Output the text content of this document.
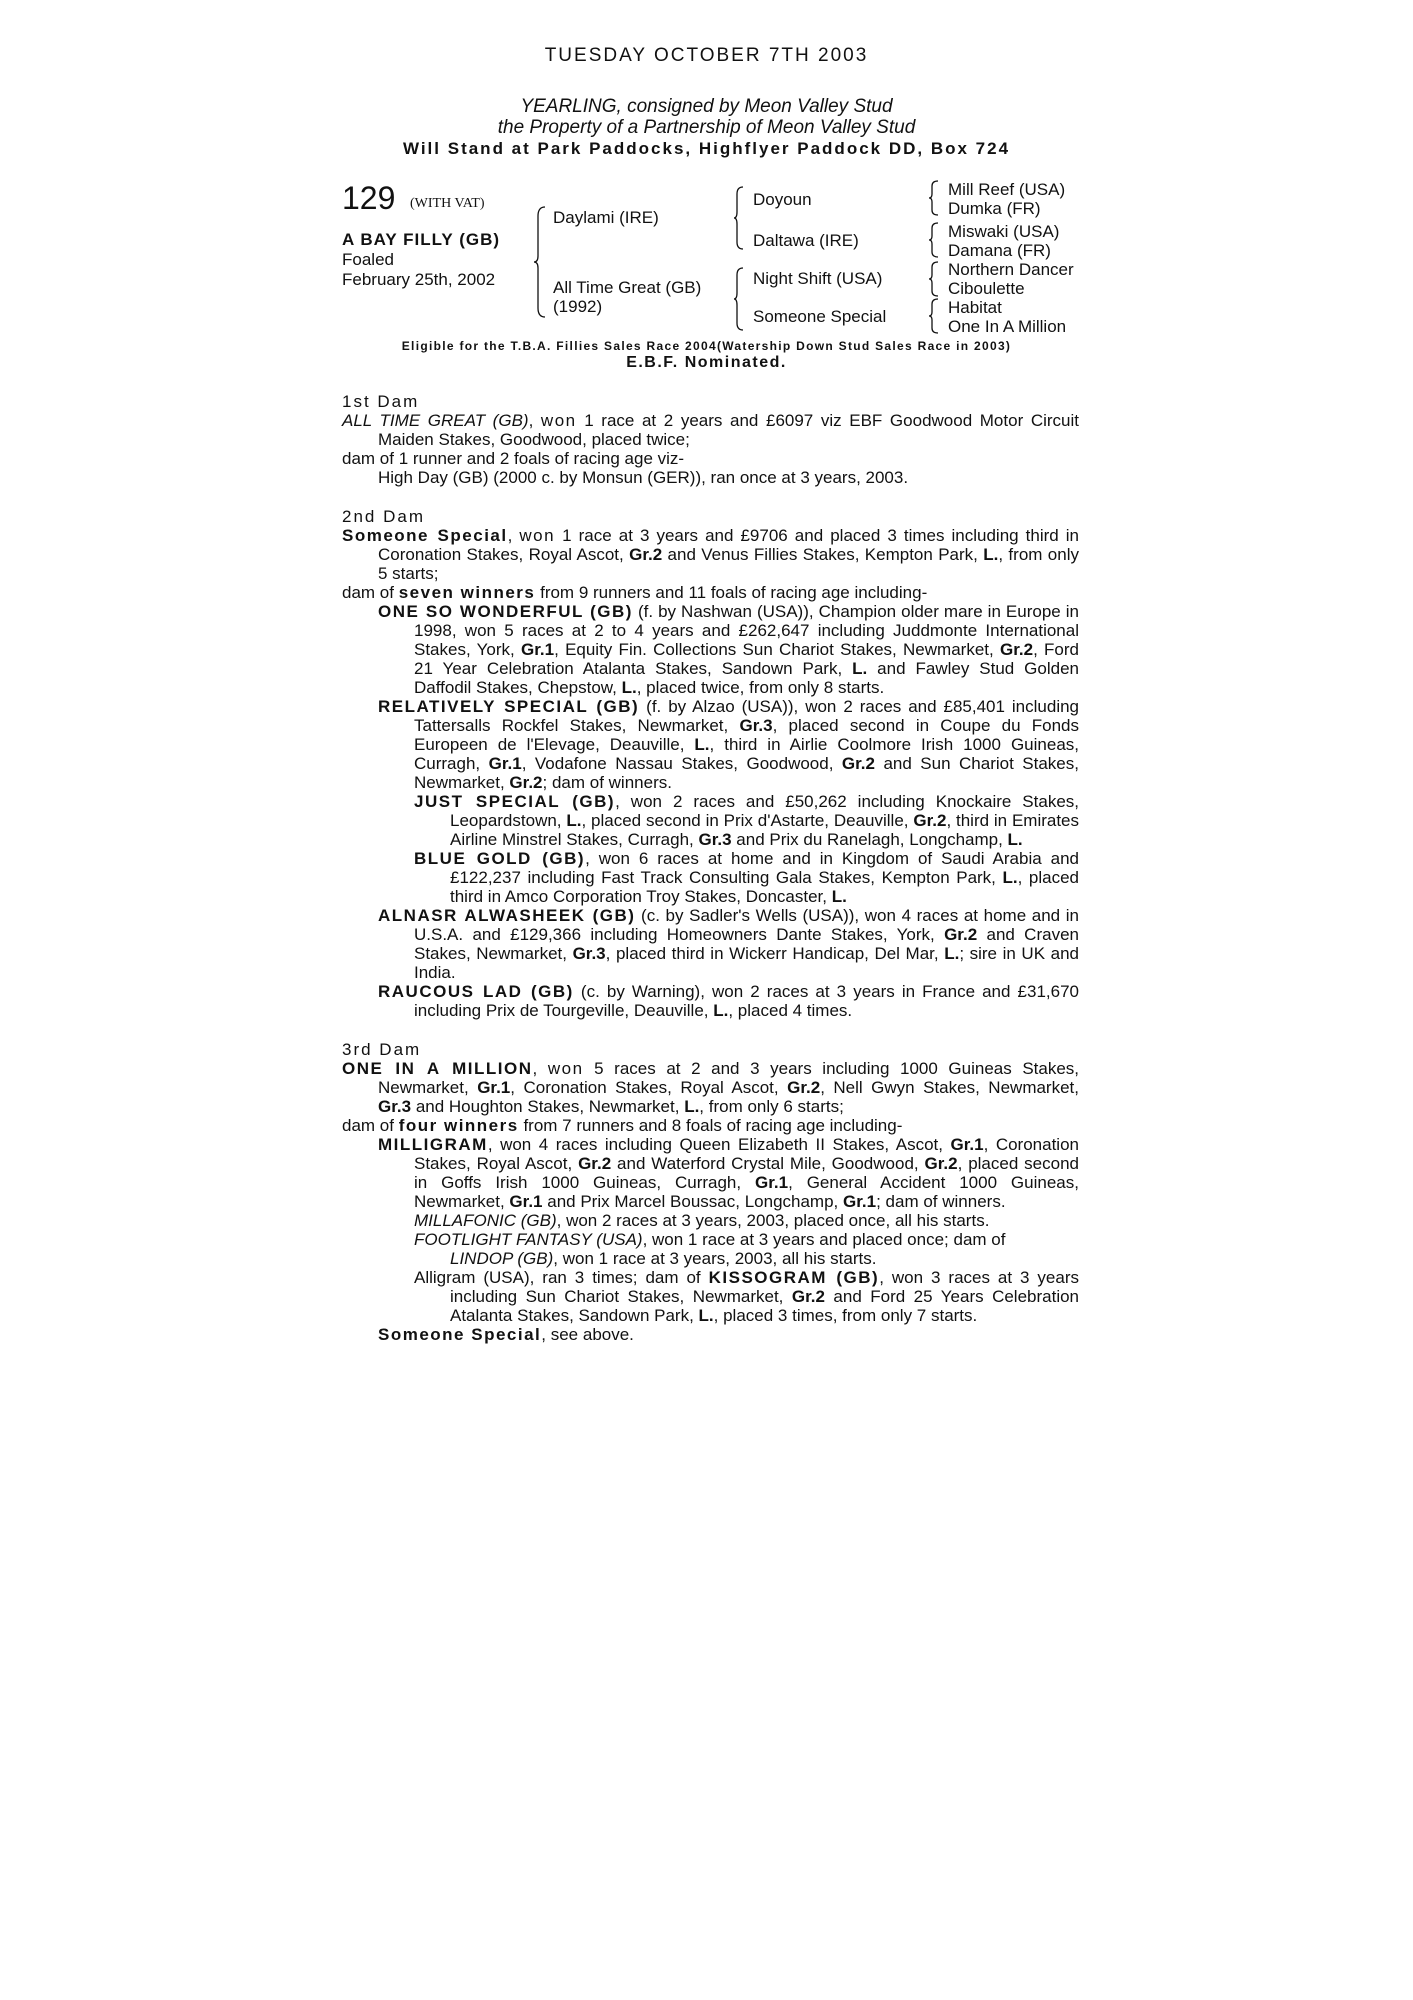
TUESDAY OCTOBER 7TH 2003
YEARLING, consigned by Meon Valley Stud
the Property of a Partnership of Meon Valley Stud
Will Stand at Park Paddocks, Highflyer Paddock DD, Box 724
129 (WITH VAT)
A BAY FILLY (GB)
Foaled
February 25th, 2002
Daylami (IRE)
All Time Great (GB)
(1992)
Doyoun
Daltawa (IRE)
Night Shift (USA)
Someone Special
Mill Reef (USA)
Dumka (FR)
Miswaki (USA)
Damana (FR)
Northern Dancer
Ciboulette
Habitat
One In A Million
Eligible for the T.B.A. Fillies Sales Race 2004(Watership Down Stud Sales Race in 2003)
E.B.F. Nominated.
1st Dam

ALL TIME GREAT (GB), won 1 race at 2 years and £6097 viz EBF Goodwood Motor Circuit Maiden Stakes, Goodwood, placed twice;

dam of 1 runner and 2 foals of racing age viz-

High Day (GB) (2000 c. by Monsun (GER)), ran once at 3 years, 2003.

2nd Dam

Someone Special, won 1 race at 3 years and £9706 and placed 3 times including third in Coronation Stakes, Royal Ascot, Gr.2 and Venus Fillies Stakes, Kempton Park, L., from only 5 starts;

dam of seven winners from 9 runners and 11 foals of racing age including-

ONE SO WONDERFUL (GB) (f. by Nashwan (USA)), Champion older mare in Europe in 1998, won 5 races at 2 to 4 years and £262,647 including Juddmonte International Stakes, York, Gr.1, Equity Fin. Collections Sun Chariot Stakes, Newmarket, Gr.2, Ford 21 Year Celebration Atalanta Stakes, Sandown Park, L. and Fawley Stud Golden Daffodil Stakes, Chepstow, L., placed twice, from only 8 starts.

RELATIVELY SPECIAL (GB) (f. by Alzao (USA)), won 2 races and £85,401 including Tattersalls Rockfel Stakes, Newmarket, Gr.3, placed second in Coupe du Fonds Europeen de l'Elevage, Deauville, L., third in Airlie Coolmore Irish 1000 Guineas, Curragh, Gr.1, Vodafone Nassau Stakes, Goodwood, Gr.2 and Sun Chariot Stakes, Newmarket, Gr.2; dam of winners.

JUST SPECIAL (GB), won 2 races and £50,262 including Knockaire Stakes, Leopardstown, L., placed second in Prix d'Astarte, Deauville, Gr.2, third in Emirates Airline Minstrel Stakes, Curragh, Gr.3 and Prix du Ranelagh, Longchamp, L.

BLUE GOLD (GB), won 6 races at home and in Kingdom of Saudi Arabia and £122,237 including Fast Track Consulting Gala Stakes, Kempton Park, L., placed third in Amco Corporation Troy Stakes, Doncaster, L.

ALNASR ALWASHEEK (GB) (c. by Sadler's Wells (USA)), won 4 races at home and in U.S.A. and £129,366 including Homeowners Dante Stakes, York, Gr.2 and Craven Stakes, Newmarket, Gr.3, placed third in Wickerr Handicap, Del Mar, L.; sire in UK and India.

RAUCOUS LAD (GB) (c. by Warning), won 2 races at 3 years in France and £31,670 including Prix de Tourgeville, Deauville, L., placed 4 times.

3rd Dam

ONE IN A MILLION, won 5 races at 2 and 3 years including 1000 Guineas Stakes, Newmarket, Gr.1, Coronation Stakes, Royal Ascot, Gr.2, Nell Gwyn Stakes, Newmarket, Gr.3 and Houghton Stakes, Newmarket, L., from only 6 starts;

dam of four winners from 7 runners and 8 foals of racing age including-

MILLIGRAM, won 4 races including Queen Elizabeth II Stakes, Ascot, Gr.1, Coronation Stakes, Royal Ascot, Gr.2 and Waterford Crystal Mile, Goodwood, Gr.2, placed second in Goffs Irish 1000 Guineas, Curragh, Gr.1, General Accident 1000 Guineas, Newmarket, Gr.1 and Prix Marcel Boussac, Longchamp, Gr.1; dam of winners.

MILLAFONIC (GB), won 2 races at 3 years, 2003, placed once, all his starts.

FOOTLIGHT FANTASY (USA), won 1 race at 3 years and placed once; dam of
LINDOP (GB), won 1 race at 3 years, 2003, all his starts.

Alligram (USA), ran 3 times; dam of KISSOGRAM (GB), won 3 races at 3 years including Sun Chariot Stakes, Newmarket, Gr.2 and Ford 25 Years Celebration Atalanta Stakes, Sandown Park, L., placed 3 times, from only 7 starts.

Someone Special, see above.
